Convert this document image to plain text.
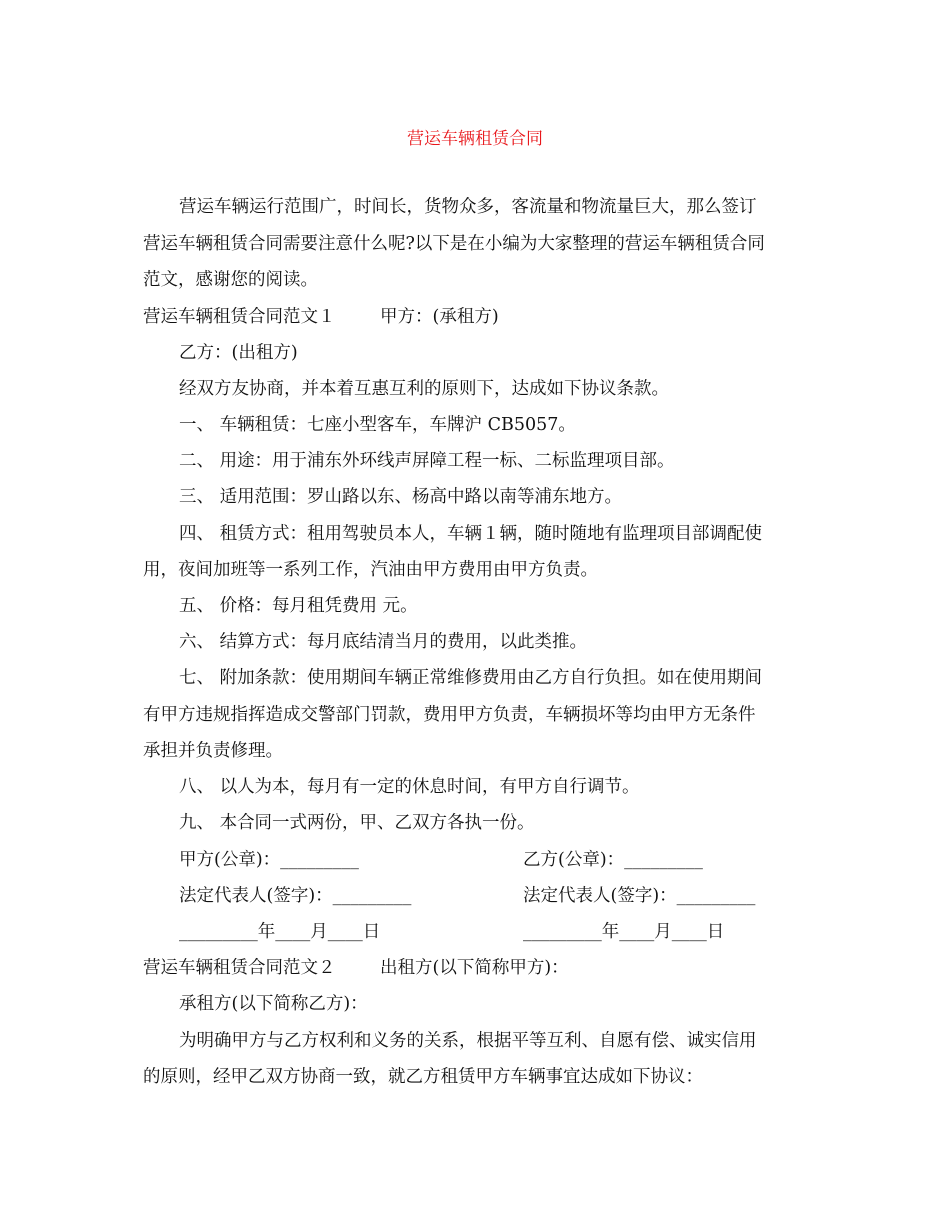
营运车辆租赁合同
营运车辆运行范围广，时间长，货物众多，客流量和物流量巨大，那么签订
营运车辆租赁合同需要注意什么呢?以下是在小编为大家整理的营运车辆租赁合同
范文，感谢您的阅读。
营运车辆租赁合同范文１	甲方：(承租方)
乙方：(出租方)
经双方友协商，并本着互惠互利的原则下，达成如下协议条款。
一、 车辆租赁：七座小型客车，车牌沪 CB5057。
二、 用途：用于浦东外环线声屏障工程一标、二标监理项目部。
三、 适用范围：罗山路以东、杨高中路以南等浦东地方。
四、 租赁方式：租用驾驶员本人，车辆１辆，随时随地有监理项目部调配使
用，夜间加班等一系列工作，汽油由甲方费用由甲方负责。
五、 价格：每月租凭费用 元。
六、 结算方式：每月底结清当月的费用，以此类推。
七、 附加条款：使用期间车辆正常维修费用由乙方自行负担。如在使用期间
有甲方违规指挥造成交警部门罚款，费用甲方负责，车辆损坏等均由甲方无条件
承担并负责修理。
八、 以人为本，每月有一定的休息时间，有甲方自行调节。
九、 本合同一式两份，甲、乙双方各执一份。
甲方(公章)：_________	乙方(公章)：_________
法定代表人(签字)：_________	法定代表人(签字)：_________
_________年____月____日	_________年____月____日
营运车辆租赁合同范文２	出租方(以下简称甲方)：
承租方(以下简称乙方)：
为明确甲方与乙方权利和义务的关系，根据平等互利、自愿有偿、诚实信用
的原则，经甲乙双方协商一致，就乙方租赁甲方车辆事宜达成如下协议：
